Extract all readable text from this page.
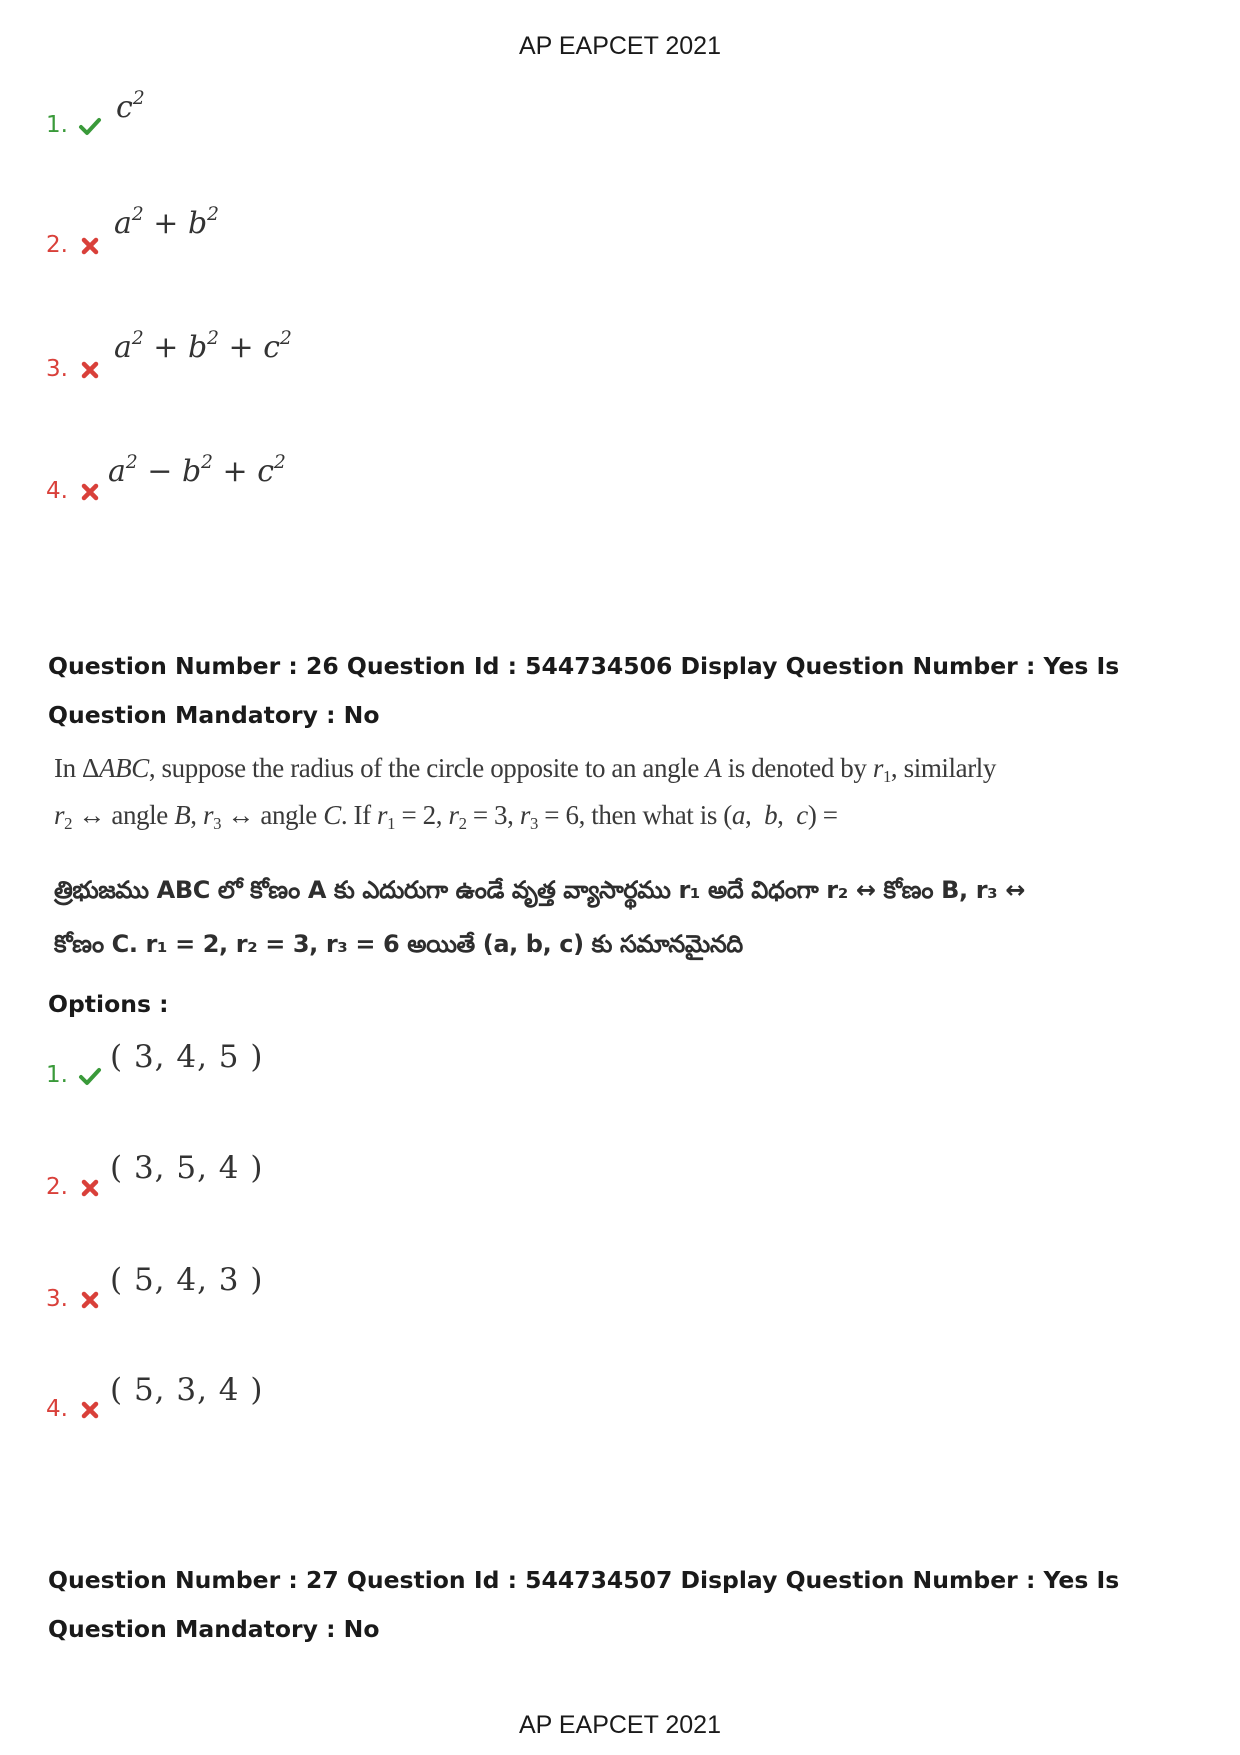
AP EAPCET 2021
1. $c^2$
2.
$a^2 + b^2$
3.
$a^2 + b^2 + c^2$
4.
$a^2 - b^2 + c^2$
Question Number : 26 Question Id : 544734506 Display Question Number : Yes Is Question Mandatory : No
In ΔABC, suppose the radius of the circle opposite to an angle A is denoted by $r_1$, similarly
$r_2$ ↔ angle B, $r_3$ ↔ angle C. If $r_1 = 2$, $r_2 = 3$, $r_3 = 6$, then what is (a,  b,  c) =
త్రిభుజము ABC లో కోణం A కు ఎదురుగా ఉండే వృత్త వ్యాసార్థము r₁ అదే విధంగా r₂ ↔ కోణం B, r₃ ↔
కోణం C. r₁ = 2, r₂ = 3, r₃ = 6 అయితే (a, b, c) కు సమానమైనది
Options :
1. ( 3, 4, 5 )
2.
( 3, 5, 4 )
3.
( 5, 4, 3 )
4.
( 5, 3, 4 )
Question Number : 27 Question Id : 544734507 Display Question Number : Yes Is Question Mandatory : No
AP EAPCET 2021
